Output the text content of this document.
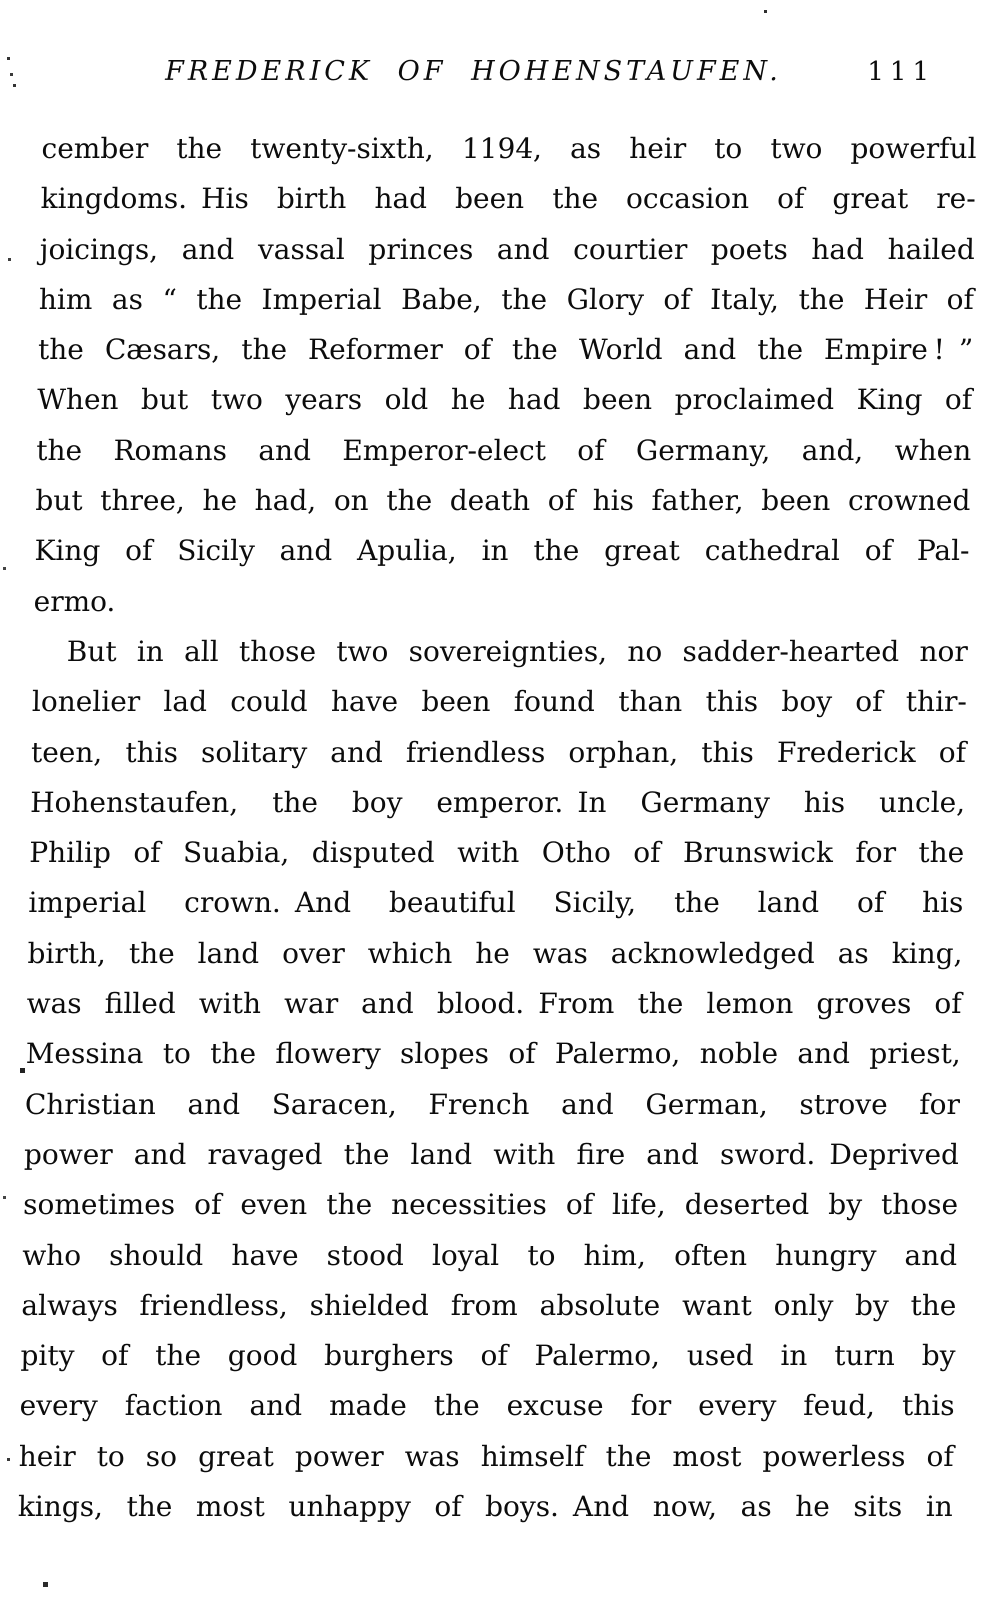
FREDERICK OF HOHENSTAUFEN.	111
cember the twenty-sixth, 1194, as heir to two powerful
kingdoms. His birth had been the occasion of great re-
joicings, and vassal princes and courtier poets had hailed
him as “ the Imperial Babe, the Glory of Italy, the Heir of
the Cæsars, the Reformer of the World and the Empire ! ”
When but two years old he had been proclaimed King of
the Romans and Emperor-elect of Germany, and, when
but three, he had, on the death of his father, been crowned
King of Sicily and Apulia, in the great cathedral of Pal-
ermo.
But in all those two sovereignties, no sadder-hearted nor
lonelier lad could have been found than this boy of thir-
teen, this solitary and friendless orphan, this Frederick of
Hohenstaufen, the boy emperor. In Germany his uncle,
Philip of Suabia, disputed with Otho of Brunswick for the
imperial crown. And beautiful Sicily, the land of his
birth, the land over which he was acknowledged as king,
was filled with war and blood. From the lemon groves of
Messina to the flowery slopes of Palermo, noble and priest,
Christian and Saracen, French and German, strove for
power and ravaged the land with fire and sword. Deprived
sometimes of even the necessities of life, deserted by those
who should have stood loyal to him, often hungry and
always friendless, shielded from absolute want only by the
pity of the good burghers of Palermo, used in turn by
every faction and made the excuse for every feud, this
heir to so great power was himself the most powerless of
kings, the most unhappy of boys. And now, as he sits in
